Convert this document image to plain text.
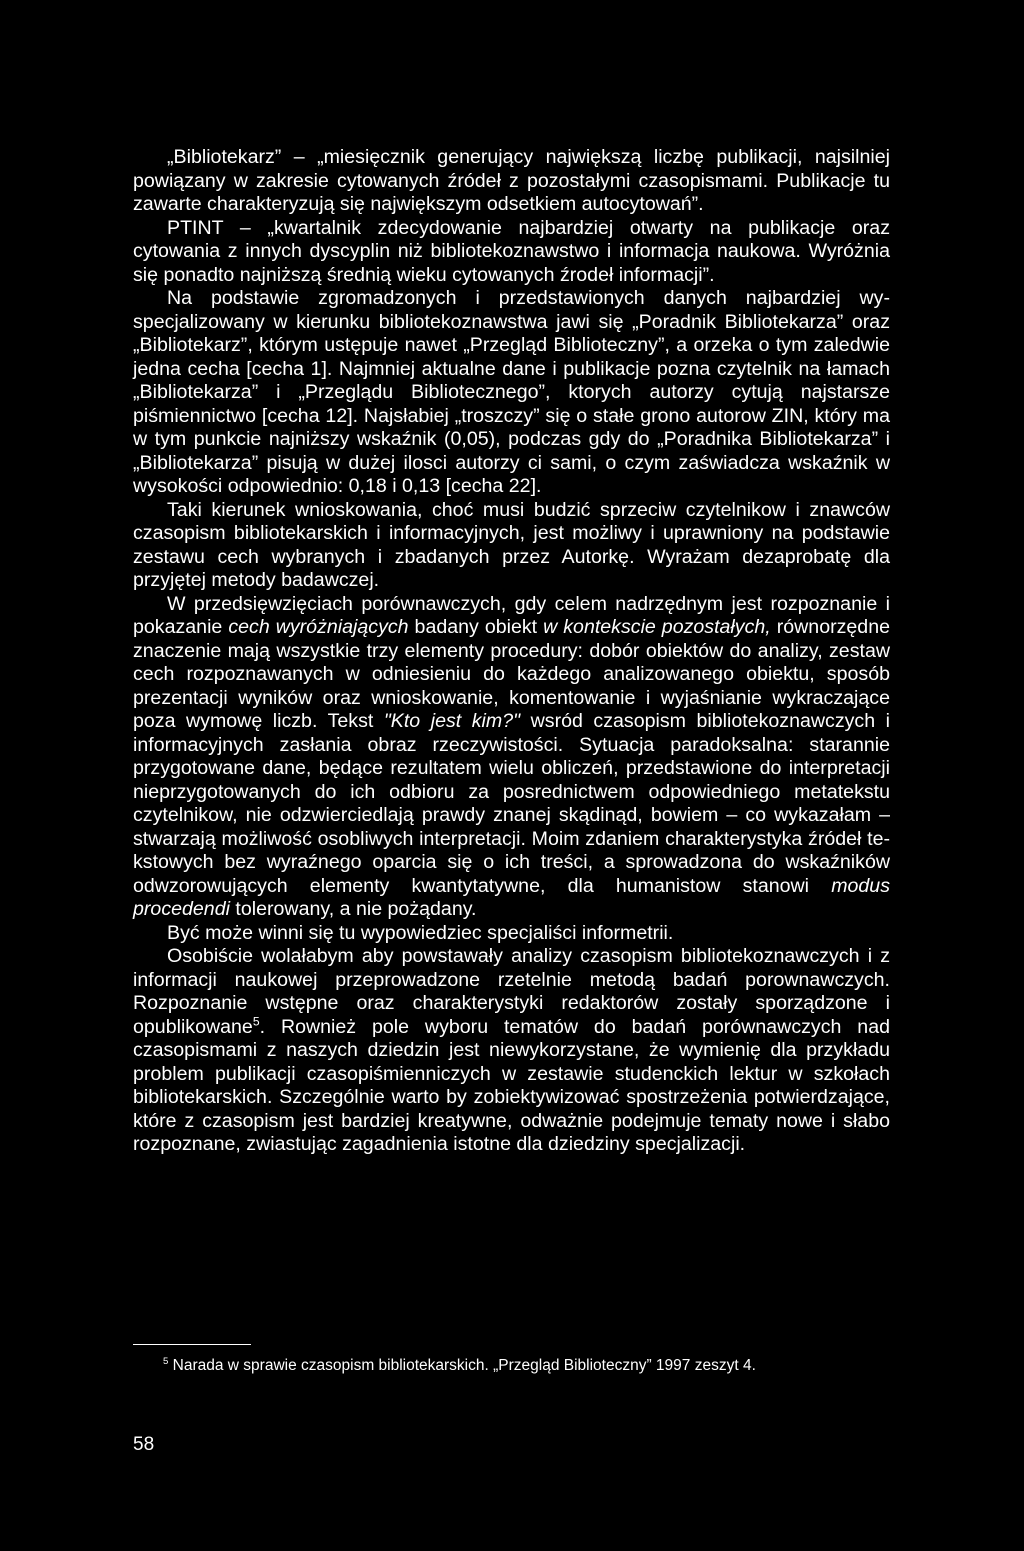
„Bibliotekarz” – „miesięcznik generujący największą liczbę publikacji, najsilniej powiązany w zakresie cytowanych źródeł z pozostałymi czasopismami. Publikacje tu zawarte charakteryzują się największym odsetkiem autocytowań”.

PTINT – „kwartalnik zdecydowanie najbardziej otwarty na publikacje oraz cytowania z innych dyscyplin niż bibliotekoznawstwo i informacja naukowa. Wyróżnia się ponadto najniższą średnią wieku cytowanych źrodeł informacji”.

Na podstawie zgromadzonych i przedstawionych danych najbardziej wyspecjalizowany w kierunku bibliotekoznawstwa jawi się „Poradnik Bibliotekarza” oraz „Bibliotekarz”, którym ustępuje nawet „Przegląd Biblioteczny”, a orzeka o tym zaledwie jedna cecha [cecha 1]. Najmniej aktualne dane i publikacje pozna czytelnik na łamach „Bibliotekarza” i „Przeglądu Bibliotecznego”, ktorych autorzy cytują najstarsze piśmiennictwo [cecha 12]. Najsłabiej „troszczy” się o stałe grono autorow ZIN, który ma w tym punkcie najniższy wskaźnik (0,05), podczas gdy do „Poradnika Bibliotekarza” i „Bibliotekarza” pisują w dużej ilosci autorzy ci sami, o czym zaświadcza wskaźnik w wysokości odpowiednio: 0,18 i 0,13 [cecha 22].

Taki kierunek wnioskowania, choć musi budzić sprzeciw czytelnikow i znawców czasopism bibliotekarskich i informacyjnych, jest możliwy i uprawniony na podstawie zestawu cech wybranych i zbadanych przez Autorkę. Wyrażam dezaprobatę dla przyjętej metody badawczej.

W przedsięwzięciach porównawczych, gdy celem nadrzędnym jest rozpoznanie i pokazanie cech wyróżniających badany obiekt w kontekscie pozostałych, równorzędne znaczenie mają wszystkie trzy elementy procedury: dobór obiektów do analizy, zestaw cech rozpoznawanych w odniesieniu do każdego analizowanego obiektu, sposób prezentacji wyników oraz wnioskowanie, komentowanie i wyjaśnianie wykraczające poza wymowę liczb. Tekst "Kto jest kim?" wsród czasopism bibliotekoznawczych i informacyjnych zasłania obraz rzeczywistości. Sytuacja paradoksalna: starannie przygotowane dane, będące rezultatem wielu obliczeń, przedstawione do interpretacji nieprzygotowanych do ich odbioru za posrednictwem odpowiedniego metatekstu czytelnikow, nie odzwierciedlają prawdy znanej skądinąd, bowiem – co wykazałam – stwarzają możliwość osobliwych interpretacji. Moim zdaniem charakterystyka źródeł tekstowych bez wyraźnego oparcia się o ich treści, a sprowadzona do wskaźników odwzorowujących elementy kwantytatywne, dla humanistow stanowi modus procedendi tolerowany, a nie pożądany.

Być może winni się tu wypowiedziec specjaliści informetrii.

Osobiście wolałabym aby powstawały analizy czasopism bibliotekoznawczych i z informacji naukowej przeprowadzone rzetelnie metodą badań porownawczych. Rozpoznanie wstępne oraz charakterystyki redaktorów zostały sporządzone i opublikowane$^5$. Rownież pole wyboru tematów do badań porównawczych nad czasopismami z naszych dziedzin jest niewykorzystane, że wymienię dla przykładu problem publikacji czasopiśmienniczych w zestawie studenckich lektur w szkołach bibliotekarskich. Szczególnie warto by zobiektywizować spostrzeżenia potwierdzające, które z czasopism jest bardziej kreatywne, odważnie podejmuje tematy nowe i słabo rozpoznane, zwiastując zagadnienia istotne dla dziedziny specjalizacji.

$^5$ Narada w sprawie czasopism bibliotekarskich. „Przegląd Biblioteczny” 1997 zeszyt 4.
58
